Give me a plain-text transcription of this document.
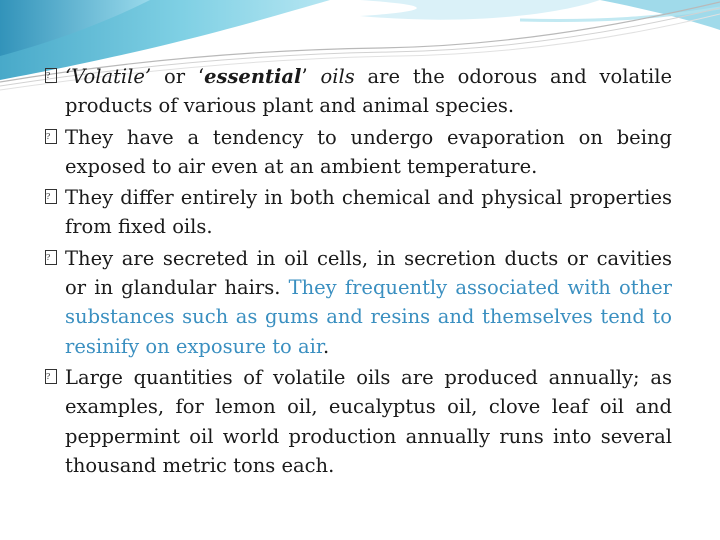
? ‘Volatile’ or ‘essential’ oils are the odorous and volatile products of various plant and animal species.
? They have a tendency to undergo evaporation on being exposed to air even at an ambient temperature.
? They differ entirely in both chemical and physical properties from fixed oils.
? They are secreted in oil cells, in secretion ducts or cavities or in glandular hairs. They frequently associated with other substances such as gums and resins and themselves tend to resinify on exposure to air.
? Large quantities of volatile oils are produced annually; as examples, for lemon oil, eucalyptus oil, clove leaf oil and peppermint oil world production annually runs into several thousand metric tons each.
